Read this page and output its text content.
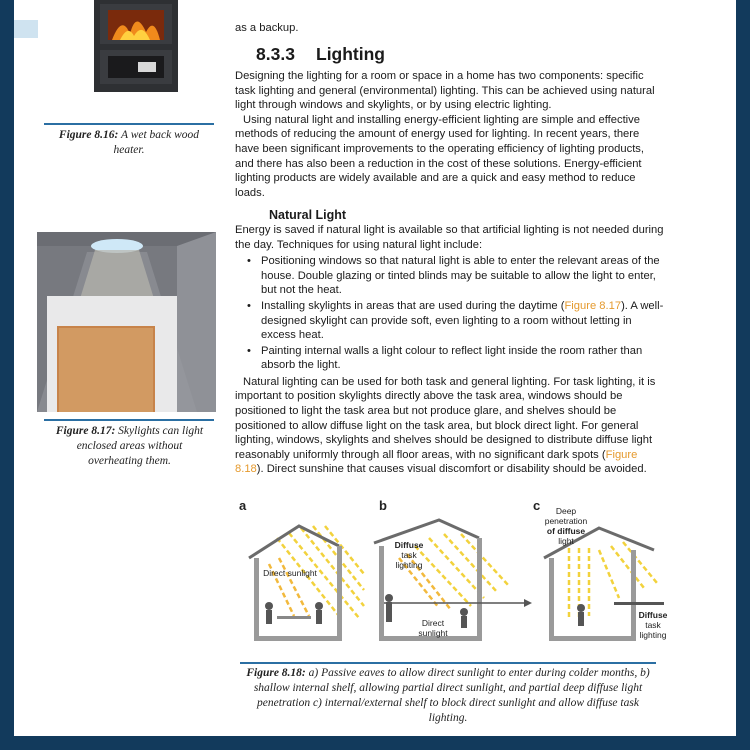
Figure 8.16: A wet back wood heater.
Figure 8.17: Skylights can light enclosed areas without overheating them.
as a backup.
8.3.3 Lighting

Designing the lighting for a room or space in a home has two components: specific task lighting and general (environmental) lighting. This can be achieved using natural light through windows and skylights, or by using electric lighting.

Using natural light and installing energy-efficient lighting are simple and effective methods of reducing the amount of energy used for lighting. In recent years, there have been significant improvements to the operating efficiency of lighting products, and there has also been a reduction in the cost of these solutions. Energy-efficient lighting products are widely available and are a quick and easy method to reduce loads.

Natural Light

Energy is saved if natural light is available so that artificial lighting is not needed during the day. Techniques for using natural light include:

• Positioning windows so that natural light is able to enter the relevant areas of the house. Double glazing or tinted blinds may be suitable to allow the light to enter, but not the heat.
• Installing skylights in areas that are used during the daytime (Figure 8.17). A well-designed skylight can provide soft, even lighting to a room without letting in excess heat.
• Painting internal walls a light colour to reflect light inside the room rather than absorb the light.

Natural lighting can be used for both task and general lighting. For task lighting, it is important to position skylights directly above the task area, windows should be positioned to light the task area but not produce glare, and shelves should be positioned to allow diffuse light on the task area, but block direct light. For general lighting, windows, skylights and shelves should be designed to distribute diffuse light reasonably uniformly through all floor areas, with no significant dark spots (Figure 8.18). Direct sunshine that causes visual discomfort or disability should be avoided.

a	b	c
Direct sunlight
Diffuse
task
lighting
Direct
sunlight
Deep
penetration
of diffuse
light
Diffuse
task
lighting
Figure 8.18: a) Passive eaves to allow direct sunlight to enter during colder months, b) shallow internal shelf, allowing partial direct sunlight, and partial deep diffuse light penetration c) internal/external shelf to block direct sunlight and allow diffuse task lighting.
